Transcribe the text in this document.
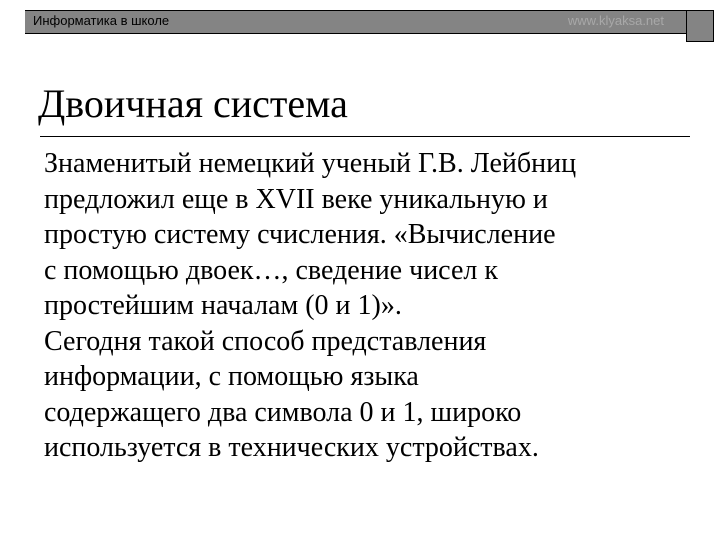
Информатика в школе	www.klyaksa.net
Двоичная система

Знаменитый немецкий ученый Г.В. Лейбниц
предложил еще в XVII веке уникальную и
простую систему счисления. «Вычисление
с помощью двоек…, сведение чисел к
простейшим началам (0 и 1)».

Сегодня такой способ представления
информации, с помощью языка
содержащего два символа 0 и 1, широко
используется в технических устройствах.
